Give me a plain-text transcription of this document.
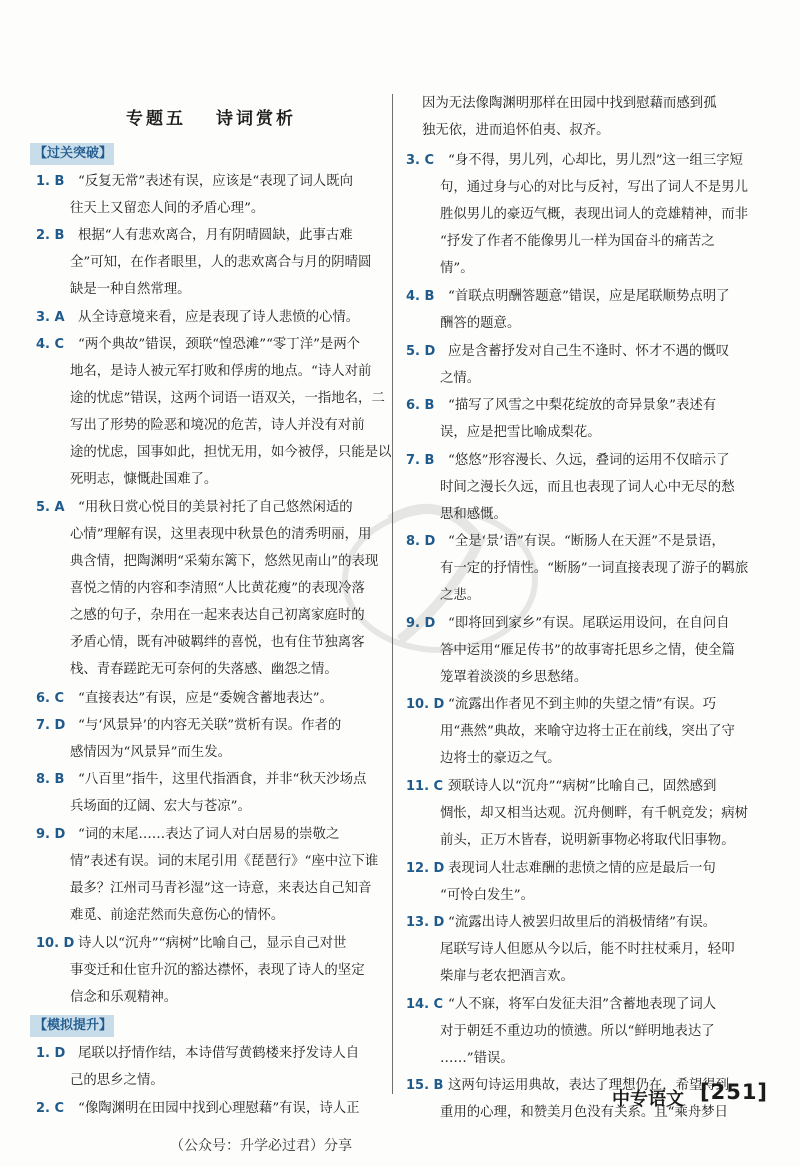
专题五 诗词赏析
【过关突破】
1. B	“反复无常”表述有误，应该是“表现了词人既向
往天上又留恋人间的矛盾心理”。
2. B	根据“人有悲欢离合，月有阴晴圆缺，此事古难
全”可知，在作者眼里，人的悲欢离合与月的阴晴圆
缺是一种自然常理。
3. A	从全诗意境来看，应是表现了诗人悲愤的心情。
4. C	“两个典故”错误，颈联“惶恐滩”“零丁洋”是两个
地名，是诗人被元军打败和俘虏的地点。“诗人对前
途的忧虑”错误，这两个词语一语双关，一指地名，二
写出了形势的险恶和境况的危苦，诗人并没有对前
途的忧虑，国事如此，担忧无用，如今被俘，只能是以
死明志，慷慨赴国难了。
5. A	“用秋日赏心悦目的美景衬托了自己悠然闲适的
心情”理解有误，这里表现中秋景色的清秀明丽，用
典含情，把陶渊明“采菊东篱下，悠然见南山”的表现
喜悦之情的内容和李清照“人比黄花瘦”的表现冷落
之感的句子，杂用在一起来表达自己初离家庭时的
矛盾心情，既有冲破羁绊的喜悦，也有住节独离客
栈、青春蹉跎无可奈何的失落感、幽怨之情。
6. C	“直接表达”有误，应是“委婉含蓄地表达”。
7. D “与‘风景异’的内容无关联”赏析有误。作者的
感情因为“风景异”而生发。
8. B	“八百里”指牛，这里代指酒食，并非“秋天沙场点
兵场面的辽阔、宏大与苍凉”。
9. D “词的末尾……表达了词人对白居易的崇敬之
情”表述有误。词的末尾引用《琵琶行》“座中泣下谁
最多？江州司马青衫湿”这一诗意，来表达自己知音
难觅、前途茫然而失意伤心的情怀。
10. D 诗人以“沉舟”“病树”比喻自己，显示自己对世
事变迁和仕宦升沉的豁达襟怀，表现了诗人的坚定
信念和乐观精神。
【模拟提升】
1. D 尾联以抒情作结，本诗借写黄鹤楼来抒发诗人自
己的思乡之情。
2. C	“像陶渊明在田园中找到心理慰藉”有误，诗人正
因为无法像陶渊明那样在田园中找到慰藉而感到孤
独无依，进而追怀伯夷、叔齐。
3. C	“身不得，男儿列，心却比，男儿烈”这一组三字短
句，通过身与心的对比与反衬，写出了词人不是男儿
胜似男儿的豪迈气概，表现出词人的竞雄精神，而非
“抒发了作者不能像男儿一样为国奋斗的痛苦之
情”。
4. B	“首联点明酬答题意”错误，应是尾联顺势点明了
酬答的题意。
5. D 应是含蓄抒发对自己生不逢时、怀才不遇的慨叹
之情。
6. B	“描写了风雪之中梨花绽放的奇异景象”表述有
误，应是把雪比喻成梨花。
7. B	“悠悠”形容漫长、久远，叠词的运用不仅暗示了
时间之漫长久远，而且也表现了词人心中无尽的愁
思和感慨。
8. D “全是‘景’语”有误。“断肠人在天涯”不是景语，
有一定的抒情性。“断肠”一词直接表现了游子的羁旅
之悲。
9. D “即将回到家乡”有误。尾联运用设问，在自问自
答中运用“雁足传书”的故事寄托思乡之情，使全篇
笼罩着淡淡的乡思愁绪。
10. D “流露出作者见不到主帅的失望之情”有误。巧
用“燕然”典故，来喻守边将士正在前线，突出了守
边将士的豪迈之气。
11. C 颈联诗人以“沉舟”“病树”比喻自己，固然感到
惆怅，却又相当达观。沉舟侧畔，有千帆竞发；病树
前头，正万木皆春，说明新事物必将取代旧事物。
12. D 表现词人壮志难酬的悲愤之情的应是最后一句
“可怜白发生”。
13. D “流露出诗人被罢归故里后的消极情绪”有误。
尾联写诗人但愿从今以后，能不时拄杖乘月，轻叩
柴扉与老农把酒言欢。
14. C “人不寐，将军白发征夫泪”含蓄地表现了词人
对于朝廷不重边功的愤懑。所以“鲜明地表达了
……”错误。
15. B 这两句诗运用典故，表达了理想仍在，希望得到
重用的心理，和赞美月色没有关系。且“乘舟梦日
中专语文 [251]
（公众号：升学必过君）分享
